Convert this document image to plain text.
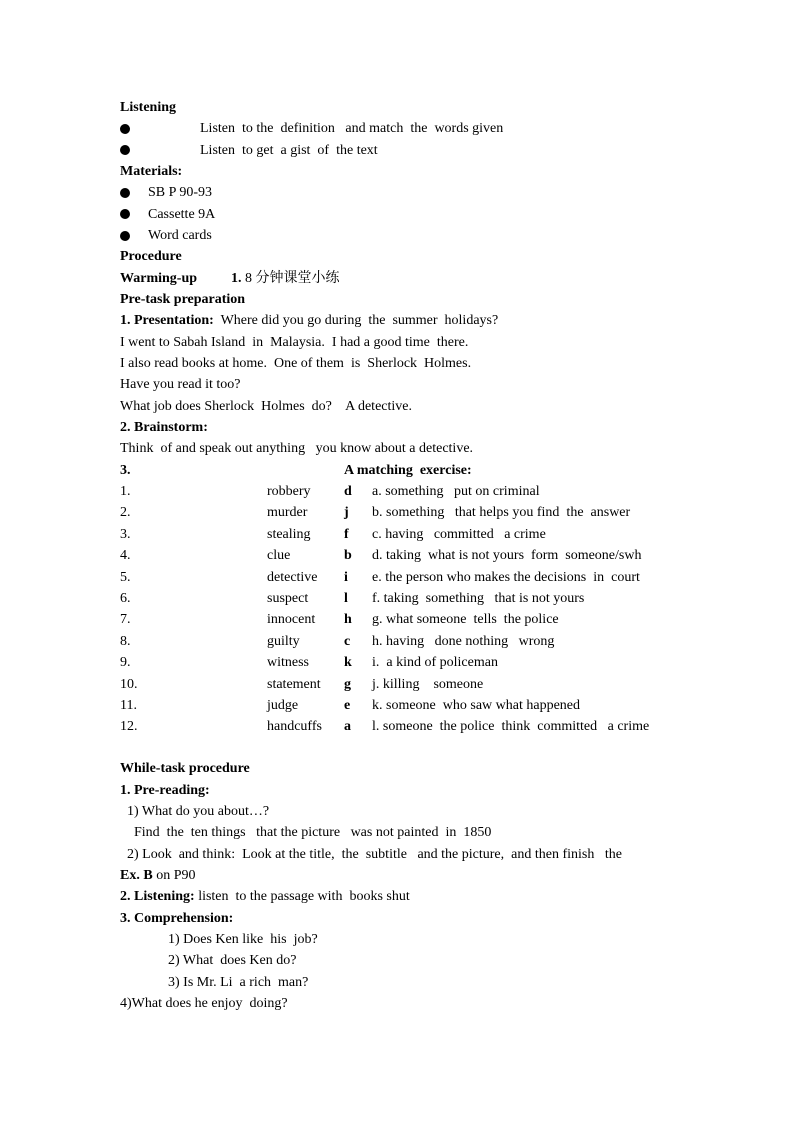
Listening
Listen  to the  definition   and match  the  words given
Listen  to get  a gist  of  the text
Materials:
SB P 90-93
Cassette 9A
Word cards
Procedure
Warming-up 1. 8 分钟课堂小练
Pre-task preparation
1. Presentation:  Where did you go during  the  summer  holidays?
I went to Sabah Island  in  Malaysia.  I had a good time  there.
I also read books at home.  One of them  is  Sherlock  Holmes.
Have you read it too?
What job does Sherlock  Holmes  do?    A detective.
2. Brainstorm:
Think  of and speak out anything   you know about a detective.
3.	A matching  exercise:
1.	robbery d a. something   put on criminal
2.	murder	j b. something   that helps you find  the  answer
3.	stealing f c. having   committed   a crime
4.	clue	b d. taking  what is not yours  form  someone/swh
5.	detective i e. the person who makes the decisions  in  court
6.	suspect	l f. taking  something   that is not yours
7.	innocent h g. what someone  tells  the police
8.	guilty	c h. having   done nothing   wrong
9.	witness	k i.  a kind of policeman
10.	statement g j. killing    someone
11.	judge	e k. someone  who saw what happened
12.	handcuffs a l. someone  the police  think  committed   a crime
While-task procedure
1. Pre-reading:
1) What do you about…?
Find  the  ten things   that the picture   was not painted  in  1850
2) Look  and think:  Look at the title,  the  subtitle   and the picture,  and then finish   the
Ex. B on P90
2. Listening: listen  to the passage with  books shut
3. Comprehension:
1) Does Ken like  his  job?
2) What  does Ken do?
3) Is Mr. Li  a rich  man?
4)What does he enjoy  doing?
